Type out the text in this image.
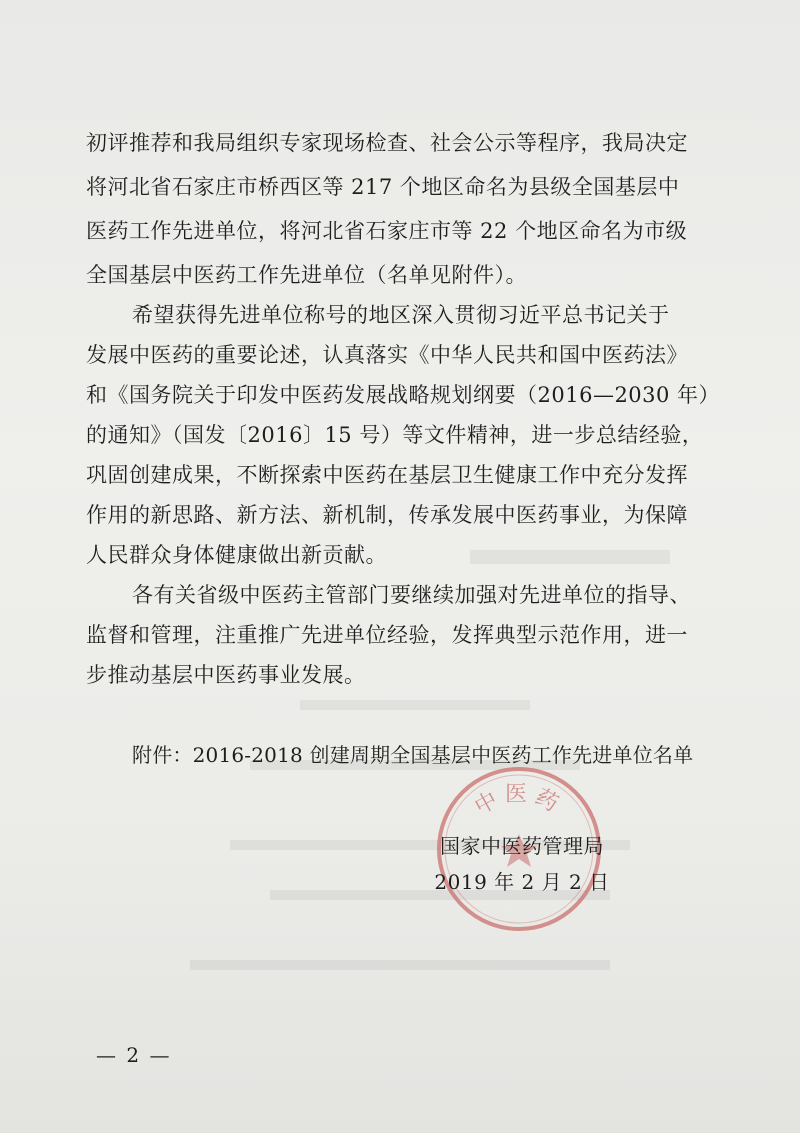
初评推荐和我局组织专家现场检查、社会公示等程序，我局决定
将河北省石家庄市桥西区等 217 个地区命名为县级全国基层中
医药工作先进单位，将河北省石家庄市等 22 个地区命名为市级
全国基层中医药工作先进单位（名单见附件）。
希望获得先进单位称号的地区深入贯彻习近平总书记关于
发展中医药的重要论述，认真落实《中华人民共和国中医药法》
和《国务院关于印发中医药发展战略规划纲要（2016—2030 年）
的通知》（国发〔2016〕15 号）等文件精神，进一步总结经验，
巩固创建成果，不断探索中医药在基层卫生健康工作中充分发挥
作用的新思路、新方法、新机制，传承发展中医药事业，为保障
人民群众身体健康做出新贡献。
各有关省级中医药主管部门要继续加强对先进单位的指导、
监督和管理，注重推广先进单位经验，发挥典型示范作用，进一
步推动基层中医药事业发展。
附件：2016-2018 创建周期全国基层中医药工作先进单位名单
中医药
国家中医药管理局
2019 年 2 月 2 日
— 2 —
